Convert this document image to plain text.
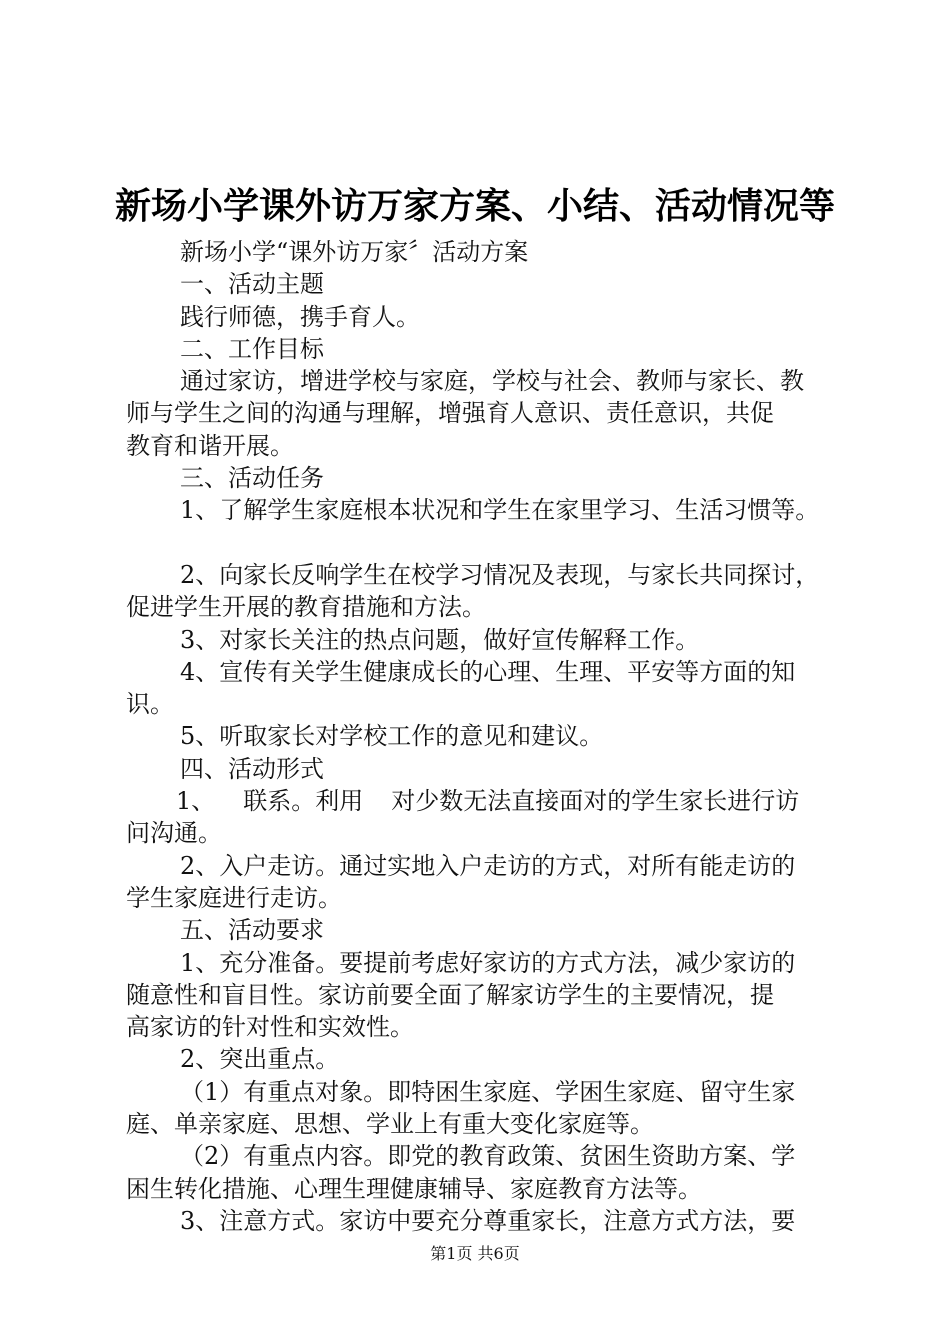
新场小学课外访万家方案、小结、活动情况等
新场小学“课外访万家〞活动方案
一、活动主题
践行师德，携手育人。
二、工作目标
通过家访，增进学校与家庭，学校与社会、教师与家长、教
师与学生之间的沟通与理解，增强育人意识、责任意识，共促
教育和谐开展。
三、活动任务
1、了解学生家庭根本状况和学生在家里学习、生活习惯等。
2、向家长反响学生在校学习情况及表现，与家长共同探讨，
促进学生开展的教育措施和方法。
3、对家长关注的热点问题，做好宣传解释工作。
4、宣传有关学生健康成长的心理、生理、平安等方面的知
识。
5、听取家长对学校工作的意见和建议。
四、活动形式
1、 联系。利用 对少数无法直接面对的学生家长进行访
问沟通。
2、入户走访。通过实地入户走访的方式，对所有能走访的
学生家庭进行走访。
五、活动要求
1、充分准备。要提前考虑好家访的方式方法，减少家访的
随意性和盲目性。家访前要全面了解家访学生的主要情况，提
高家访的针对性和实效性。
2、突出重点。
（1）有重点对象。即特困生家庭、学困生家庭、留守生家
庭、单亲家庭、思想、学业上有重大变化家庭等。
（2）有重点内容。即党的教育政策、贫困生资助方案、学
困生转化措施、心理生理健康辅导、家庭教育方法等。
3、注意方式。家访中要充分尊重家长，注意方式方法，要
第1页 共6页
